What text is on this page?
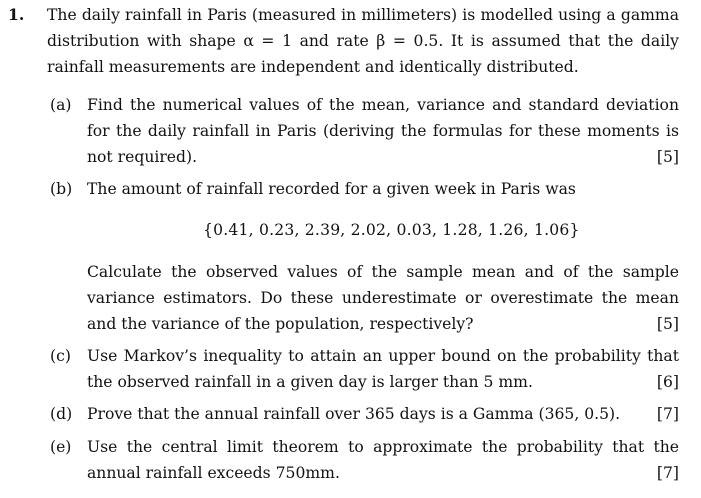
1. The daily rainfall in Paris (measured in millimeters) is modelled using a gamma distribution with shape α = 1 and rate β = 0.5. It is assumed that the daily rainfall measurements are independent and identically distributed.
(a) Find the numerical values of the mean, variance and standard deviation for the daily rainfall in Paris (deriving the formulas for these moments is not required).	[5]
(b) The amount of rainfall recorded for a given week in Paris was
{0.41, 0.23, 2.39, 2.02, 0.03, 1.28, 1.26, 1.06}
Calculate the observed values of the sample mean and of the sample variance estimators. Do these underestimate or overestimate the mean and the variance of the population, respectively?	[5]
(c) Use Markov’s inequality to attain an upper bound on the probability that the observed rainfall in a given day is larger than 5 mm.	[6]
(d) Prove that the annual rainfall over 365 days is a Gamma (365, 0.5).	[7]
(e) Use the central limit theorem to approximate the probability that the annual rainfall exceeds 750mm.	[7]
